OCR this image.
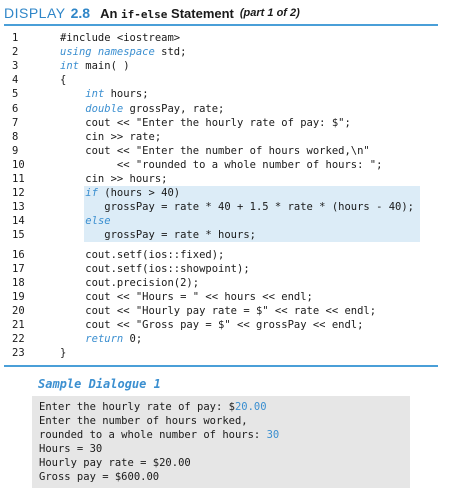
DISPLAY 2.8 An if-else Statement (part 1 of 2)
1	#include <iostream>
2	using namespace std;
3	int main( )
4	{
5	int hours;
6	double grossPay, rate;
7	cout << "Enter the hourly rate of pay: $";
8	cin >> rate;
9	cout << "Enter the number of hours worked,\n"
10	<< "rounded to a whole number of hours: ";
11	cin >> hours;
12	if (hours > 40)
13	grossPay = rate * 40 + 1.5 * rate * (hours - 40);
14	else
15	grossPay = rate * hours;
16	cout.setf(ios::fixed);
17	cout.setf(ios::showpoint);
18	cout.precision(2);
19	cout << "Hours = " << hours << endl;
20	cout << "Hourly pay rate = $" << rate << endl;
21	cout << "Gross pay = $" << grossPay << endl;
22	return 0;
23	}
Sample Dialogue 1
Enter the hourly rate of pay: $20.00
Enter the number of hours worked,
rounded to a whole number of hours: 30
Hours = 30
Hourly pay rate = $20.00
Gross pay = $600.00
